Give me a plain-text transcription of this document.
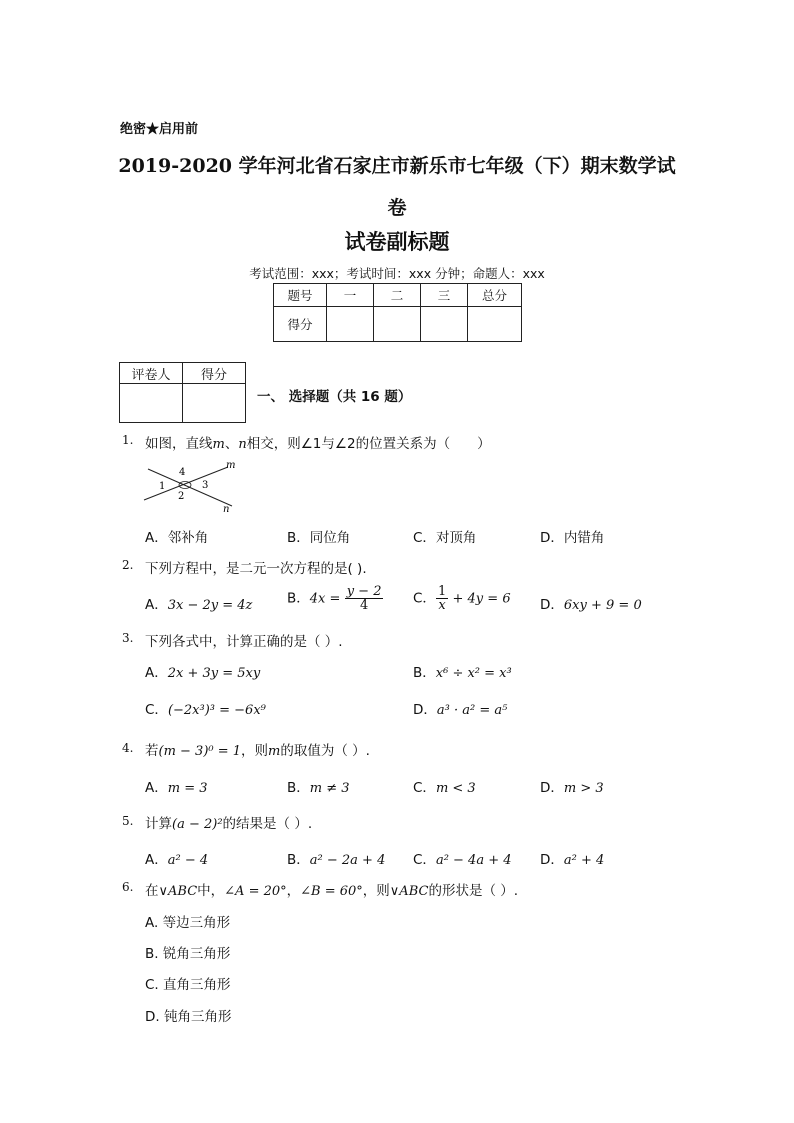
绝密★启用前
2019-2020 学年河北省石家庄市新乐市七年级（下）期末数学试
卷
试卷副标题
考试范围：xxx；考试时间：xxx 分钟；命题人：xxx
题号	一	二	三	总分
得分				
评卷人	得分

一、 选择题（共 16 题）
1. 如图，直线m、n相交，则∠1与∠2的位置关系为（　　）
m
n
1
2
3
4
A．邻补角	B．同位角	C．对顶角	D．内错角
2. 下列方程中，是二元一次方程的是( ).
A．3x − 2y = 4z	B．$4x = \frac{y - 2}{4}$ C． $\frac{1}{x} + 4y = 6$ D．6xy + 9 = 0
3. 下列各式中，计算正确的是（ ）.
A．2x + 3y = 5xy	B．x⁶ ÷ x² = x³
C．(−2x³)³ = −6x⁹	D．a³ · a² = a⁵
4. 若(m − 3)⁰ = 1，则m的取值为（ ）.
A．m = 3	B．m ≠ 3	C．m < 3	D．m > 3
5. 计算(a − 2)²的结果是（ ）.
A．a² − 4	B．a² − 2a + 4 C．a² − 4a + 4 D．a² + 4
6. 在∨ABC中，∠A = 20°，∠B = 60°，则∨ABC的形状是（ ）.
A. 等边三角形
B. 锐角三角形
C. 直角三角形
D. 钝角三角形
